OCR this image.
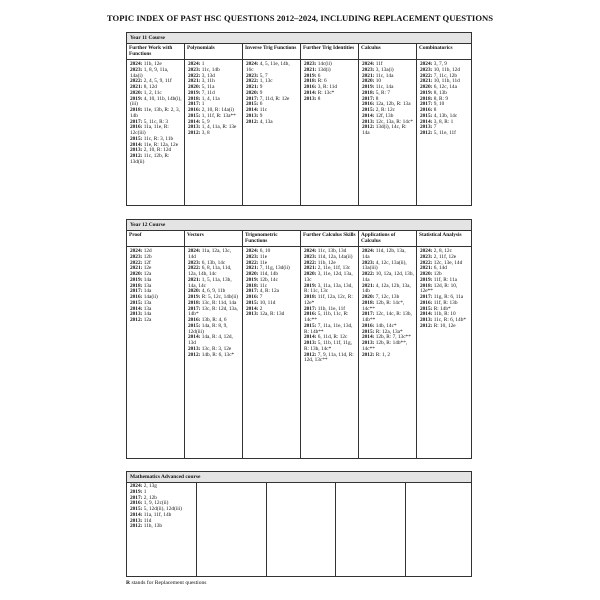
TOPIC INDEX OF PAST HSC QUESTIONS 2012–2024, INCLUDING REPLACEMENT QUESTIONS
Year 11 Course
Further Work with Functions
2024: 11b, 12e
2023: 1, 8, 9, 11a, 14a(i)
2022: 2, 4, 5, 9, 11f
2021: 8, 12d
2020: 1, 2, 11c
2019: 4, 10, 11b, 14b(i), (iii)
2018: 11e, 13b, R: 2, 3, 14b
2017: 5, 11c, R: 3
2016: 11a, 11e, R: 12c(iii)
2015: 11c, R: 3, 11b
2014: 11e, R: 12a, 12e
2013: 2, 10, R: 12d
2012: 11c, 12b, R: 13d(ii)
Polynomials
2024: 1
2023: 11c, 14b
2022: 3, 13d
2021: 3, 11h
2020: 5, 11a
2019: 7, 11d
2018: 1, 4, 11a
2017: 1
2016: 2, 10, R: 14a(i)
2015: 1, 11f, R: 13a**
2014: 5, 9
2013: 1, 4, 11a, R: 13e
2012: 3, 8
Inverse Trig Functions
2024: 4, 5, 11e, 14b, 16c
2023: 5, 7
2022: 1, 13c
2021: 9
2020: 9
2017: 7, 11d, R: 12e
2015: 6
2014: 11c
2013: 9
2012: 4, 13a
Further Trig Identities
2023: 14c(ii)
2021: 13d(i)
2019: 6
2018: R: 6
2016: 3, R: 11d
2014: R: 13c*
2013: 8
Calculus
2024: 11f
2023: 3, 13a(i)
2021: 11c, 14a
2020: 10
2019: 11c, 14a
2018: 5, R: 7
2017: 8
2016: 12a, 12b, R: 13a
2015: 2, R: 12c
2014: 12f, 13b
2013: 12c, 13a, R: 14c*
2012: 13d(i), 14c, R: 14a
Combinatorics
2024: 3, 7, 9
2023: 10, 11b, 12d
2022: 7, 11c, 12b
2021: 10, 11b, 11d
2020: 6, 12c, 14a
2019: 8, 13b
2018: 8, R: 9
2017: 9, 10
2016: 8
2015: 4, 13b, 14c
2014: 3, 8, R: 1
2013: 7
2012: 5, 11e, 11f
Year 12 Course
Proof
2024: 12d
2023: 12b
2022: 12f
2021: 12e
2020: 12a
2019: 14a
2018: 13a
2017: 14a
2016: 14a(ii)
2015: 13a
2014: 13a
2013: 14a
2012: 12a
Vectors
2024: 11a, 12a, 13c, 14d
2023: 6, 13b, 14c
2022: 6, 8, 11a, 11d, 12a, 14b, 14c
2021: 1, 5, 11a, 13b, 14a, 14c
2020: 4, 6, 9, 11b
2019: R: 5, 12c, 14b(ii)
2018: 13c, R: 11d, 14a
2017: 13c, R: 12d, 13a, 14b*
2016: 13b, R: 4, 6
2015: 14a, R: 8, 9, 12d(iii)
2014: 14a, R: 4, 12d, 13d
2013: 13c, R: 3, 12e
2012: 14b, R: 6, 13c*
Trigonometric Functions
2024: 6, 10
2023: 11e
2022: 11e
2021: 7, 11g, 13d(ii)
2020: 11d, 14b
2019: 12b, 14c
2018: 11c
2017: 4, R: 12a
2016: 7
2015: 10, 11d
2014: 2
2013: 12a, R: 13d
Further Calculus Skills
2024: 11c, 13b, 13d
2023: 11d, 12a, 14a(ii)
2022: 11b, 12e
2021: 2, 11e, 11f, 13c
2020: 3, 11e, 12d, 13a, 13c
2019: 3, 11a, 13a, 13d, R: 11c, 13c
2018: 11f, 12a, 12c, R: 12e*
2017: 11b, 11e, 11f
2016: 5, 11b, 11c, R: 14c**
2015: 7, 11a, 11e, 13d, R: 14b**
2014: 6, 11d, R: 12c
2013: 5, 11b, 11f, 11g, R: 13b, 14c*
2012: 7, 9, 11a, 11d, R: 12d, 13c**
Applications of Calculus
2024: 11d, 12b, 13a, 14a
2023: 4, 12c, 13a(ii), 13a(iii)
2022: 10, 12a, 12d, 13b, 14a
2021: 4, 12a, 12b, 13a, 14b
2020: 7, 12c, 13b
2018: 12b, R: 14c*, 14c**
2017: 12c, 14c, R: 13b, 14b**
2016: 14b, 14c*
2015: R: 12a, 13a*
2014: 12b, R: 7, 13c**
2013: 12b, R: 14b**, 14c**
2012: R: 1, 2
Statistical Analysis
2024: 2, 8, 12c
2023: 2, 11f, 12e
2022: 12c, 13e, 14d
2021: 6, 14d
2020: 12b
2019: 11f, R: 11a
2018: 12d, R: 10, 12e**
2017: 11g, R: 6, 11a
2016: 11f, R: 13b
2015: R: 14b*
2014: 11b, R: 10
2013: 11c, R: 6, 14b*
2012: R: 10, 12e
Mathematics Advanced course
2024: 2, 13g
2019: 1
2017: 2, 12b
2016: 1, 9, 12c(ii)
2015: 5, 12d(ii), 12d(iii)
2014: 11a, 11f, 14b
2013: 11d
2012: 11b, 13b
R stands for Replacement questions
